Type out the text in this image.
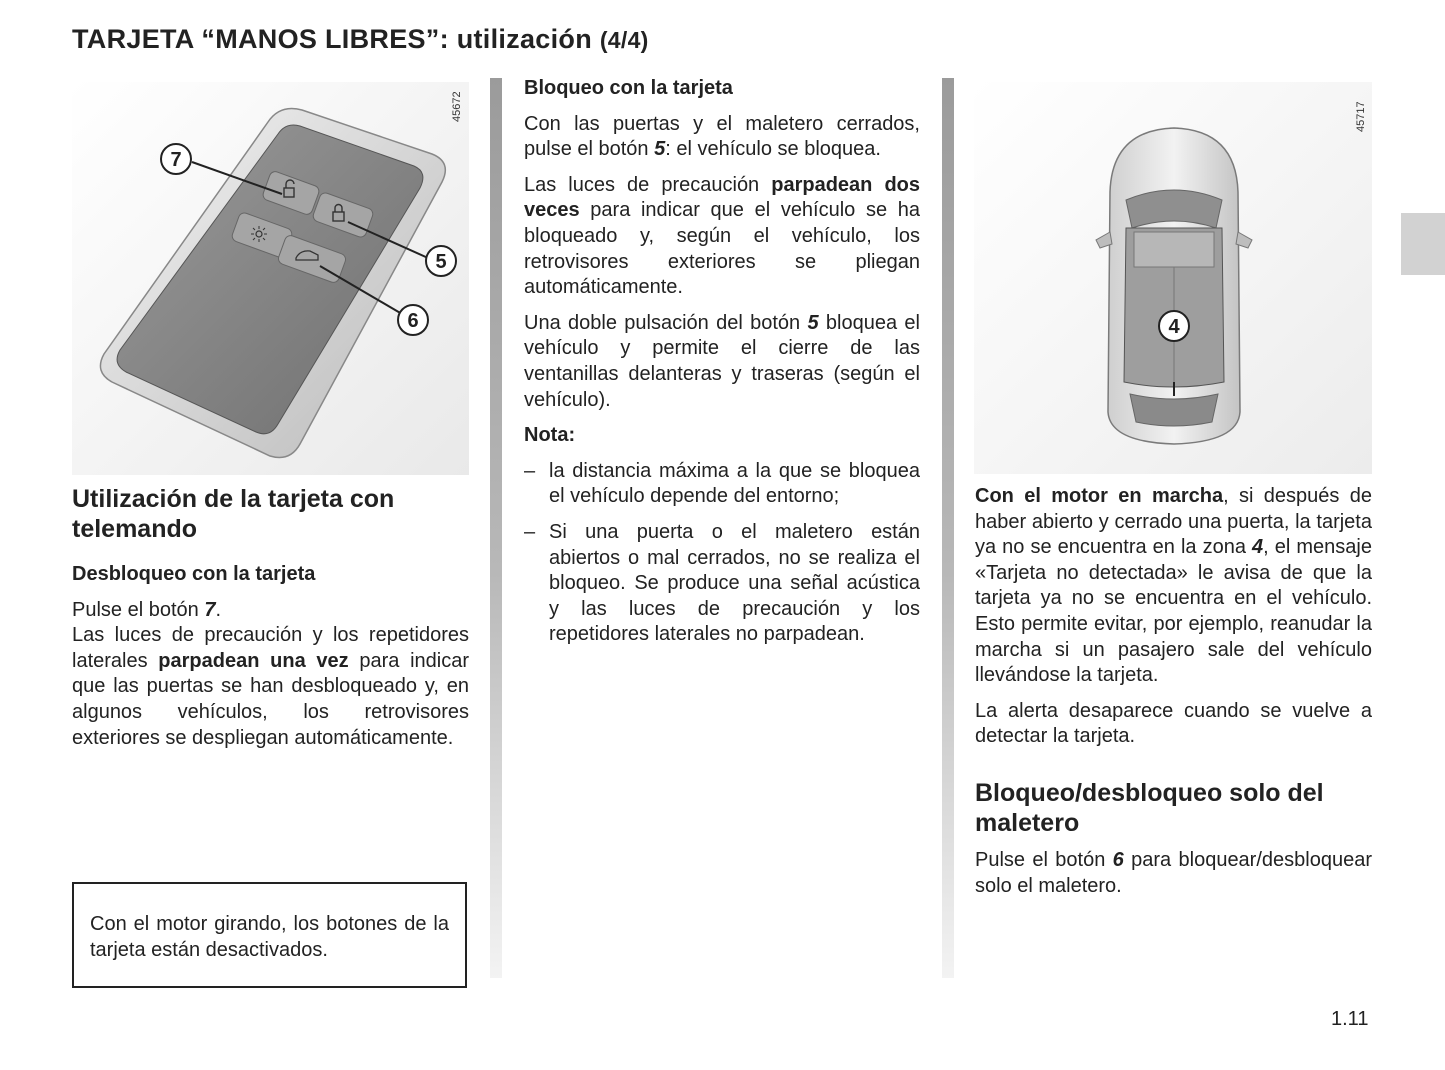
TARJETA “MANOS LIBRES”: utilización (4/4)
45672
7
5
6
Utilización de la tarjeta con telemando
Desbloqueo con la tarjeta

Pulse el botón 7.

Las luces de precaución y los repetidores laterales parpadean una vez para indicar que las puertas se han desbloqueado y, en algunos vehículos, los retrovisores exteriores se despliegan automáticamente.

Con el motor girando, los botones de la tarjeta están desactivados.
Bloqueo con la tarjeta

Con las puertas y el maletero cerrados, pulse el botón 5: el vehículo se bloquea.

Las luces de precaución parpadean dos veces para indicar que el vehículo se ha bloqueado y, según el vehículo, los retrovisores exteriores se pliegan automáticamente.

Una doble pulsación del botón 5 bloquea el vehículo y permite el cierre de las ventanillas delanteras y traseras (según el vehículo).

Nota:
– la distancia máxima a la que se bloquea el vehículo depende del entorno;
– Si una puerta o el maletero están abiertos o mal cerrados, no se realiza el bloqueo. Se produce una señal acústica y las luces de precaución y los repetidores laterales no parpadean.
45717
4

Con el motor en marcha, si después de haber abierto y cerrado una puerta, la tarjeta ya no se encuentra en la zona 4, el mensaje «Tarjeta no detectada» le avisa de que la tarjeta ya no se encuentra en el vehículo. Esto permite evitar, por ejemplo, reanudar la marcha si un pasajero sale del vehículo llevándose la tarjeta.

La alerta desaparece cuando se vuelve a detectar la tarjeta.

Bloqueo/desbloqueo solo del maletero

Pulse el botón 6 para bloquear/desbloquear solo el maletero.

1.11
